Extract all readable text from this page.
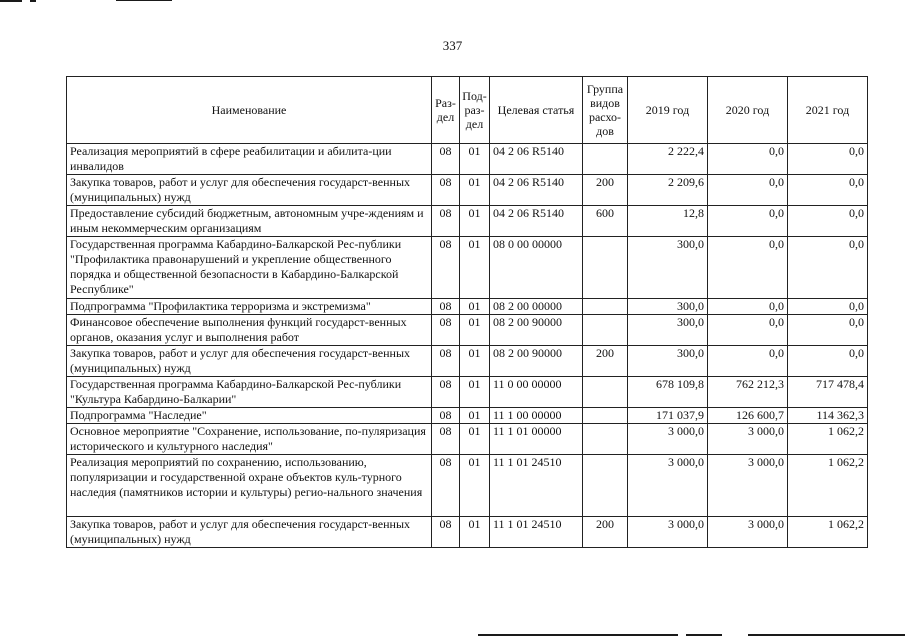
337
Наименование	Раз-дел	Под-раз-дел	Целевая статья	Группа видов расхо-дов	2019 год	2020 год	2021 год
Реализация мероприятий в сфере реабилитации и абилита-ции инвалидов	08	01	04 2 06 R5140		2 222,4	0,0	0,0
Закупка товаров, работ и услуг для обеспечения государст-венных (муниципальных) нужд	08	01	04 2 06 R5140	200	2 209,6	0,0	0,0
Предоставление субсидий бюджетным, автономным учре-ждениям и иным некоммерческим организациям	08	01	04 2 06 R5140	600	12,8	0,0	0,0
Государственная программа Кабардино-Балкарской Рес-публики "Профилактика правонарушений и укрепление общественного порядка и общественной безопасности в Кабардино-Балкарской Республике"	08	01	08 0 00 00000		300,0	0,0	0,0
Подпрограмма "Профилактика терроризма и экстремизма"	08	01	08 2 00 00000		300,0	0,0	0,0
Финансовое обеспечение выполнения функций государст-венных органов, оказания услуг и выполнения работ	08	01	08 2 00 90000		300,0	0,0	0,0
Закупка товаров, работ и услуг для обеспечения государст-венных (муниципальных) нужд	08	01	08 2 00 90000	200	300,0	0,0	0,0
Государственная программа Кабардино-Балкарской Рес-публики "Культура Кабардино-Балкарии"	08	01	11 0 00 00000		678 109,8	762 212,3	717 478,4
Подпрограмма "Наследие"	08	01	11 1 00 00000		171 037,9	126 600,7	114 362,3
Основное мероприятие "Сохранение, использование, по-пуляризация исторического и культурного наследия"	08	01	11 1 01 00000		3 000,0	3 000,0	1 062,2
Реализация мероприятий по сохранению, использованию, популяризации и государственной охране объектов куль-турного наследия (памятников истории и культуры) регио-нального значения	08	01	11 1 01 24510		3 000,0	3 000,0	1 062,2
Закупка товаров, работ и услуг для обеспечения государст-венных (муниципальных) нужд	08	01	11 1 01 24510	200	3 000,0	3 000,0	1 062,2
